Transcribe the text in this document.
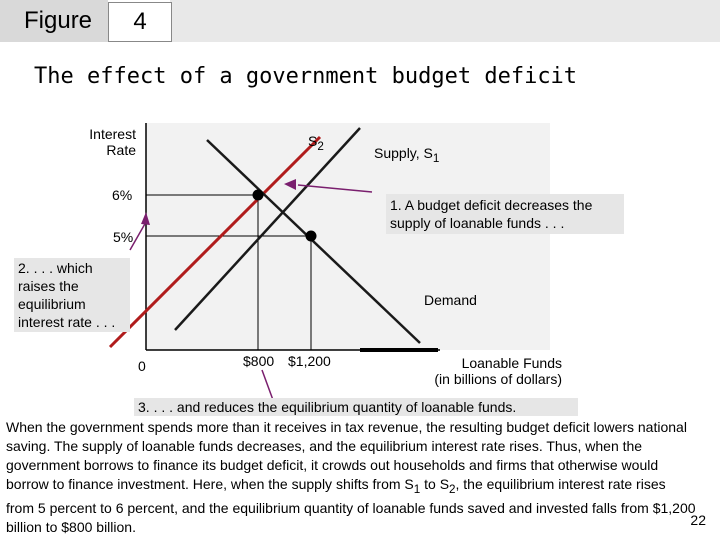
Figure	4
The effect of a government budget deficit
Interest
Rate
6%
5%
0	$800 $1,200	Loanable Funds
(in billions of dollars)
$S_2$	Supply, $S_1$
Demand
1. A budget deficit decreases the supply of loanable funds . . .
2. . . . which raises the equilibrium interest rate . . .
3. . . . and reduces the equilibrium quantity of loanable funds.
When the government spends more than it receives in tax revenue, the resulting budget deficit lowers national saving. The supply of loanable funds decreases, and the equilibrium interest rate rises. Thus, when the government borrows to finance its budget deficit, it crowds out households and firms that otherwise would borrow to finance investment. Here, when the supply shifts from $S_1$ to $S_2$, the equilibrium interest rate rises from 5 percent to 6 percent, and the equilibrium quantity of loanable funds saved and invested falls from $1,200 billion to $800 billion.	22
